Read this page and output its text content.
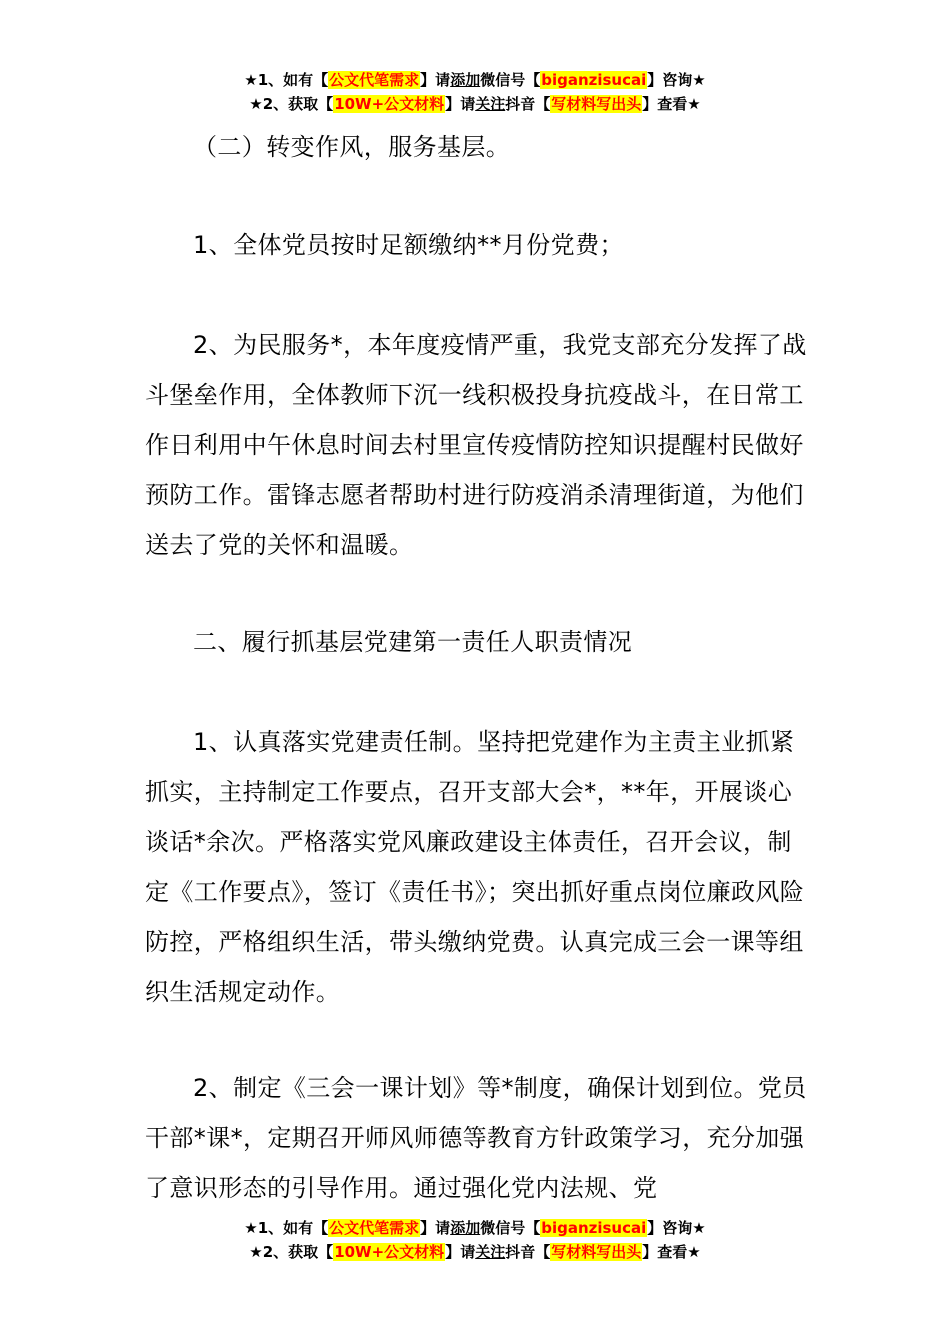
★1、如有【公文代笔需求】请添加微信号【biganzisucai】咨询★
★2、获取【10W+公文材料】请关注抖音【写材料写出头】查看★

（二）转变作风，服务基层。

1、全体党员按时足额缴纳**月份党费；

2、为民服务*，本年度疫情严重，我党支部充分发挥了战斗堡垒作用，全体教师下沉一线积极投身抗疫战斗，在日常工作日利用中午休息时间去村里宣传疫情防控知识提醒村民做好预防工作。雷锋志愿者帮助村进行防疫消杀清理街道，为他们送去了党的关怀和温暖。

二、履行抓基层党建第一责任人职责情况

1、认真落实党建责任制。坚持把党建作为主责主业抓紧抓实，主持制定工作要点，召开支部大会*，**年，开展谈心谈话*余次。严格落实党风廉政建设主体责任，召开会议，制定《工作要点》，签订《责任书》；突出抓好重点岗位廉政风险防控，严格组织生活，带头缴纳党费。认真完成三会一课等组织生活规定动作。

2、制定《三会一课计划》等*制度，确保计划到位。党员干部*课*，定期召开师风师德等教育方针政策学习，充分加强了意识形态的引导作用。通过强化党内法规、党

★1、如有【公文代笔需求】请添加微信号【biganzisucai】咨询★
★2、获取【10W+公文材料】请关注抖音【写材料写出头】查看★
